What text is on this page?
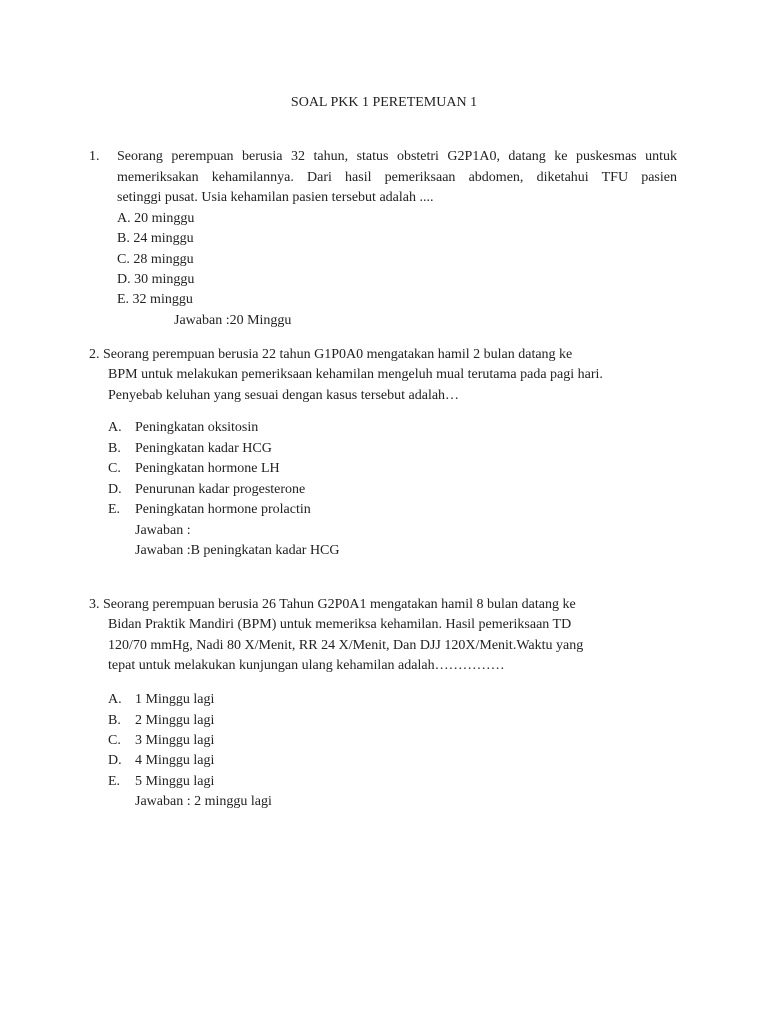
SOAL PKK 1 PERETEMUAN 1
1. Seorang perempuan berusia 32 tahun, status obstetri G2P1A0, datang ke puskesmas untuk
memeriksakan kehamilannya. Dari hasil pemeriksaan abdomen, diketahui TFU pasien
setinggi pusat. Usia kehamilan pasien tersebut adalah ....
A. 20 minggu
B. 24 minggu
C. 28 minggu
D. 30 minggu
E. 32 minggu
Jawaban :20 Minggu
2. Seorang perempuan berusia 22 tahun G1P0A0 mengatakan hamil 2 bulan datang ke
BPM untuk melakukan pemeriksaan kehamilan mengeluh mual terutama pada pagi hari.
Penyebab keluhan yang sesuai dengan kasus tersebut adalah…
A. Peningkatan oksitosin
B. Peningkatan kadar HCG
C. Peningkatan hormone LH
D. Penurunan kadar progesterone
E. Peningkatan hormone prolactin
Jawaban :
Jawaban :B peningkatan kadar HCG
3. Seorang perempuan berusia 26 Tahun G2P0A1 mengatakan hamil 8 bulan datang ke
Bidan Praktik Mandiri (BPM) untuk memeriksa kehamilan. Hasil pemeriksaan TD
120/70 mmHg, Nadi 80 X/Menit, RR 24 X/Menit, Dan DJJ 120X/Menit.Waktu yang
tepat untuk melakukan kunjungan ulang kehamilan adalah……………
A. 1 Minggu lagi
B. 2 Minggu lagi
C. 3 Minggu lagi
D. 4 Minggu lagi
E. 5 Minggu lagi
Jawaban : 2 minggu lagi
